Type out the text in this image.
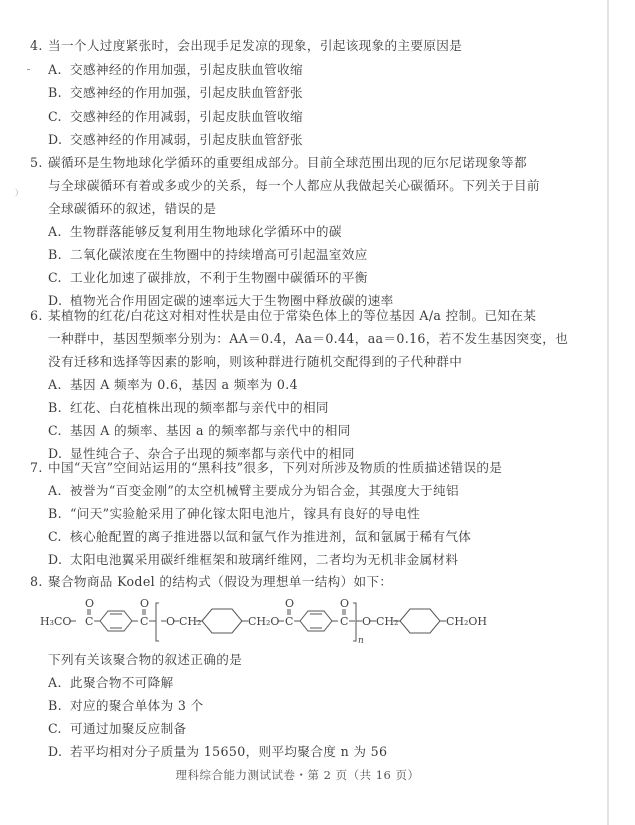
4. 当一个人过度紧张时，会出现手足发凉的现象，引起该现象的主要原因是
A. 交感神经的作用加强，引起皮肤血管收缩
B. 交感神经的作用加强，引起皮肤血管舒张
C. 交感神经的作用减弱，引起皮肤血管收缩
D. 交感神经的作用减弱，引起皮肤血管舒张
5. 碳循环是生物地球化学循环的重要组成部分。目前全球范围出现的厄尔尼诺现象等都
与全球碳循环有着或多或少的关系，每一个人都应从我做起关心碳循环。下列关于目前
全球碳循环的叙述，错误的是
A. 生物群落能够反复利用生物地球化学循环中的碳
B. 二氧化碳浓度在生物圈中的持续增高可引起温室效应
C. 工业化加速了碳排放，不利于生物圈中碳循环的平衡
D. 植物光合作用固定碳的速率远大于生物圈中释放碳的速率
6. 某植物的红花/白花这对相对性状是由位于常染色体上的等位基因 A/a 控制。已知在某
一种群中，基因型频率分别为：AA＝0.4，Aa＝0.44，aa＝0.16，若不发生基因突变，也
没有迁移和选择等因素的影响，则该种群进行随机交配得到的子代种群中
A. 基因 A 频率为 0.6，基因 a 频率为 0.4
B. 红花、白花植株出现的频率都与亲代中的相同
C. 基因 A 的频率、基因 a 的频率都与亲代中的相同
D. 显性纯合子、杂合子出现的频率都与亲代中的相同
7. 中国“天宫”空间站运用的“黑科技”很多，下列对所涉及物质的性质描述错误的是
A. 被誉为“百变金刚”的太空机械臂主要成分为铝合金，其强度大于纯铝
B. “问天”实验舱采用了砷化镓太阳电池片，镓具有良好的导电性
C. 核心舱配置的离子推进器以氙和氩气作为推进剂，氙和氩属于稀有气体
D. 太阳电池翼采用碳纤维框架和玻璃纤维网，二者均为无机非金属材料
8. 聚合物商品 Kodel 的结构式（假设为理想单一结构）如下：
H₃CO
O
C
O
C O CH₂	CH₂O
O
C
O
C
n
O CH₂	CH₂OH
下列有关该聚合物的叙述正确的是
A. 此聚合物不可降解
B. 对应的聚合单体为 3 个
C. 可通过加聚反应制备
D. 若平均相对分子质量为 15650，则平均聚合度 n 为 56
理科综合能力测试试卷・第 2 页（共 16 页）
